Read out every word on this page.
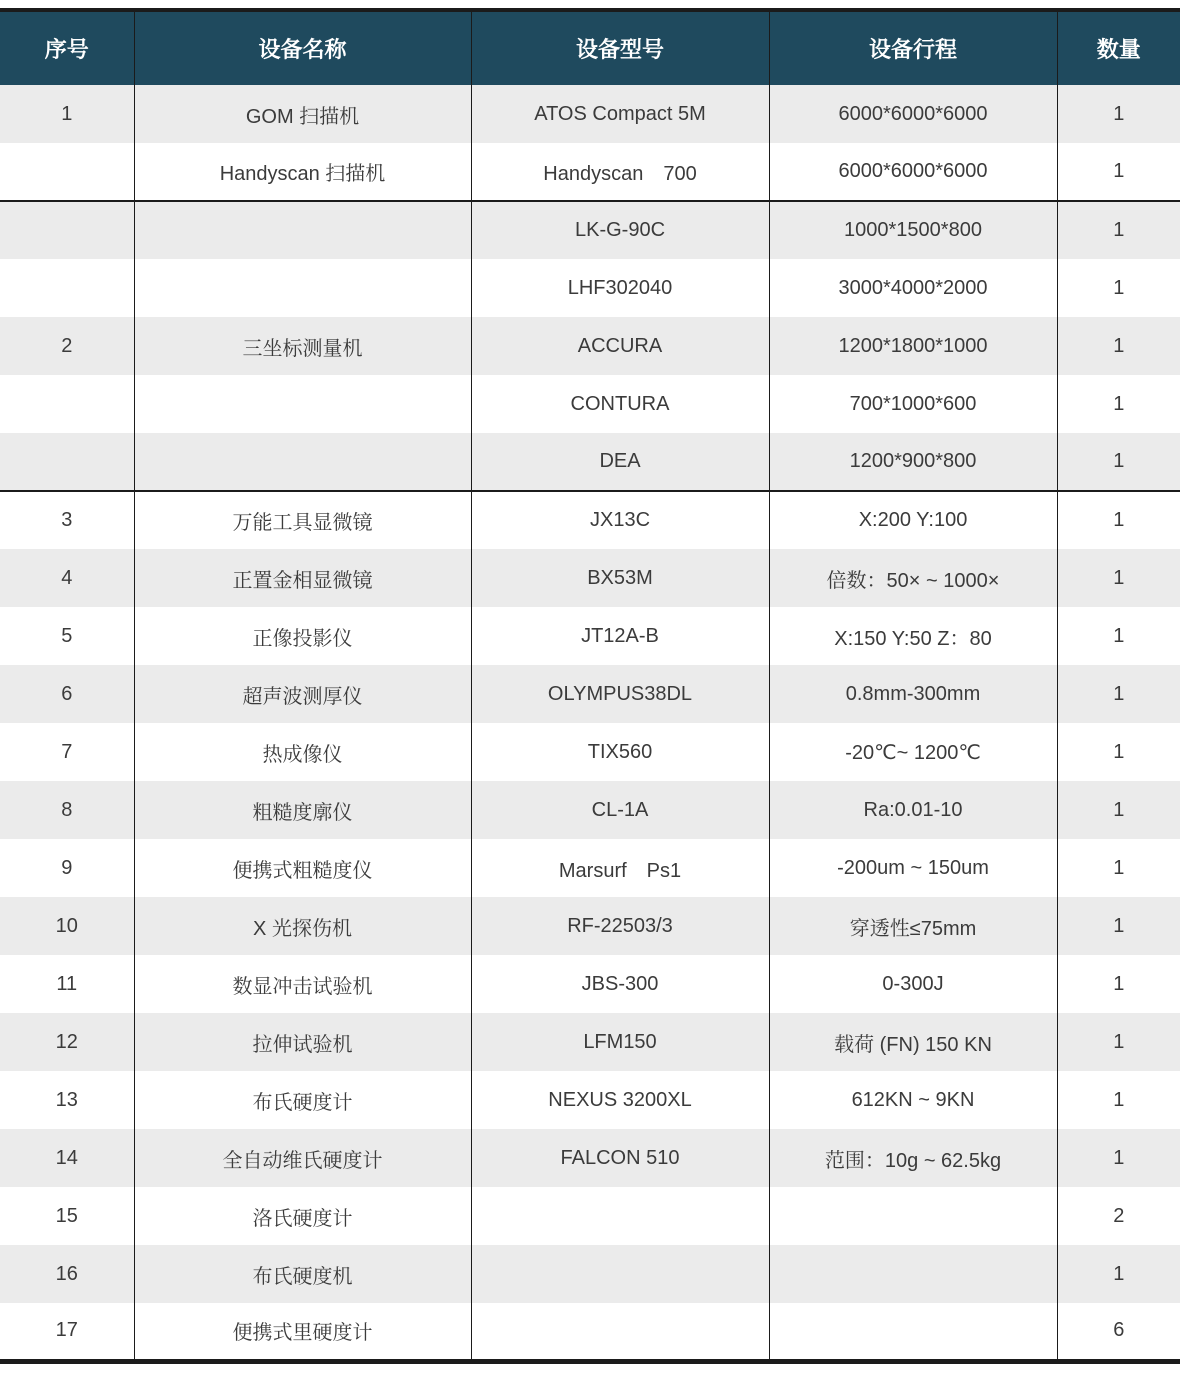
序号	设备名称	设备型号	设备行程	数量
1	GOM 扫描机	ATOS Compact 5M	6000*6000*6000	1
	Handyscan 扫描机	Handyscan　700	6000*6000*6000	1
		LK-G-90C	1000*1500*800	1
		LHF302040	3000*4000*2000	1
2	三坐标测量机	ACCURA	1200*1800*1000	1
		CONTURA	700*1000*600	1
		DEA	1200*900*800	1
3	万能工具显微镜	JX13C	X:200 Y:100	1
4	正置金相显微镜	BX53M	倍数：50× ~ 1000×	1
5	正像投影仪	JT12A-B	X:150 Y:50 Z：80	1
6	超声波测厚仪	OLYMPUS38DL	0.8mm-300mm	1
7	热成像仪	TIX560	-20℃~ 1200℃	1
8	粗糙度廓仪	CL-1A	Ra:0.01-10	1
9	便携式粗糙度仪	Marsurf　Ps1	-200um ~ 150um	1
10	X 光探伤机	RF-22503/3	穿透性≤75mm	1
11	数显冲击试验机	JBS-300	0-300J	1
12	拉伸试验机	LFM150	载荷 (FN) 150 KN	1
13	布氏硬度计	NEXUS 3200XL	612KN ~ 9KN	1
14	全自动维氏硬度计	FALCON 510	范围：10g ~ 62.5kg	1
15	洛氏硬度计			2
16	布氏硬度机			1
17	便携式里硬度计			6
